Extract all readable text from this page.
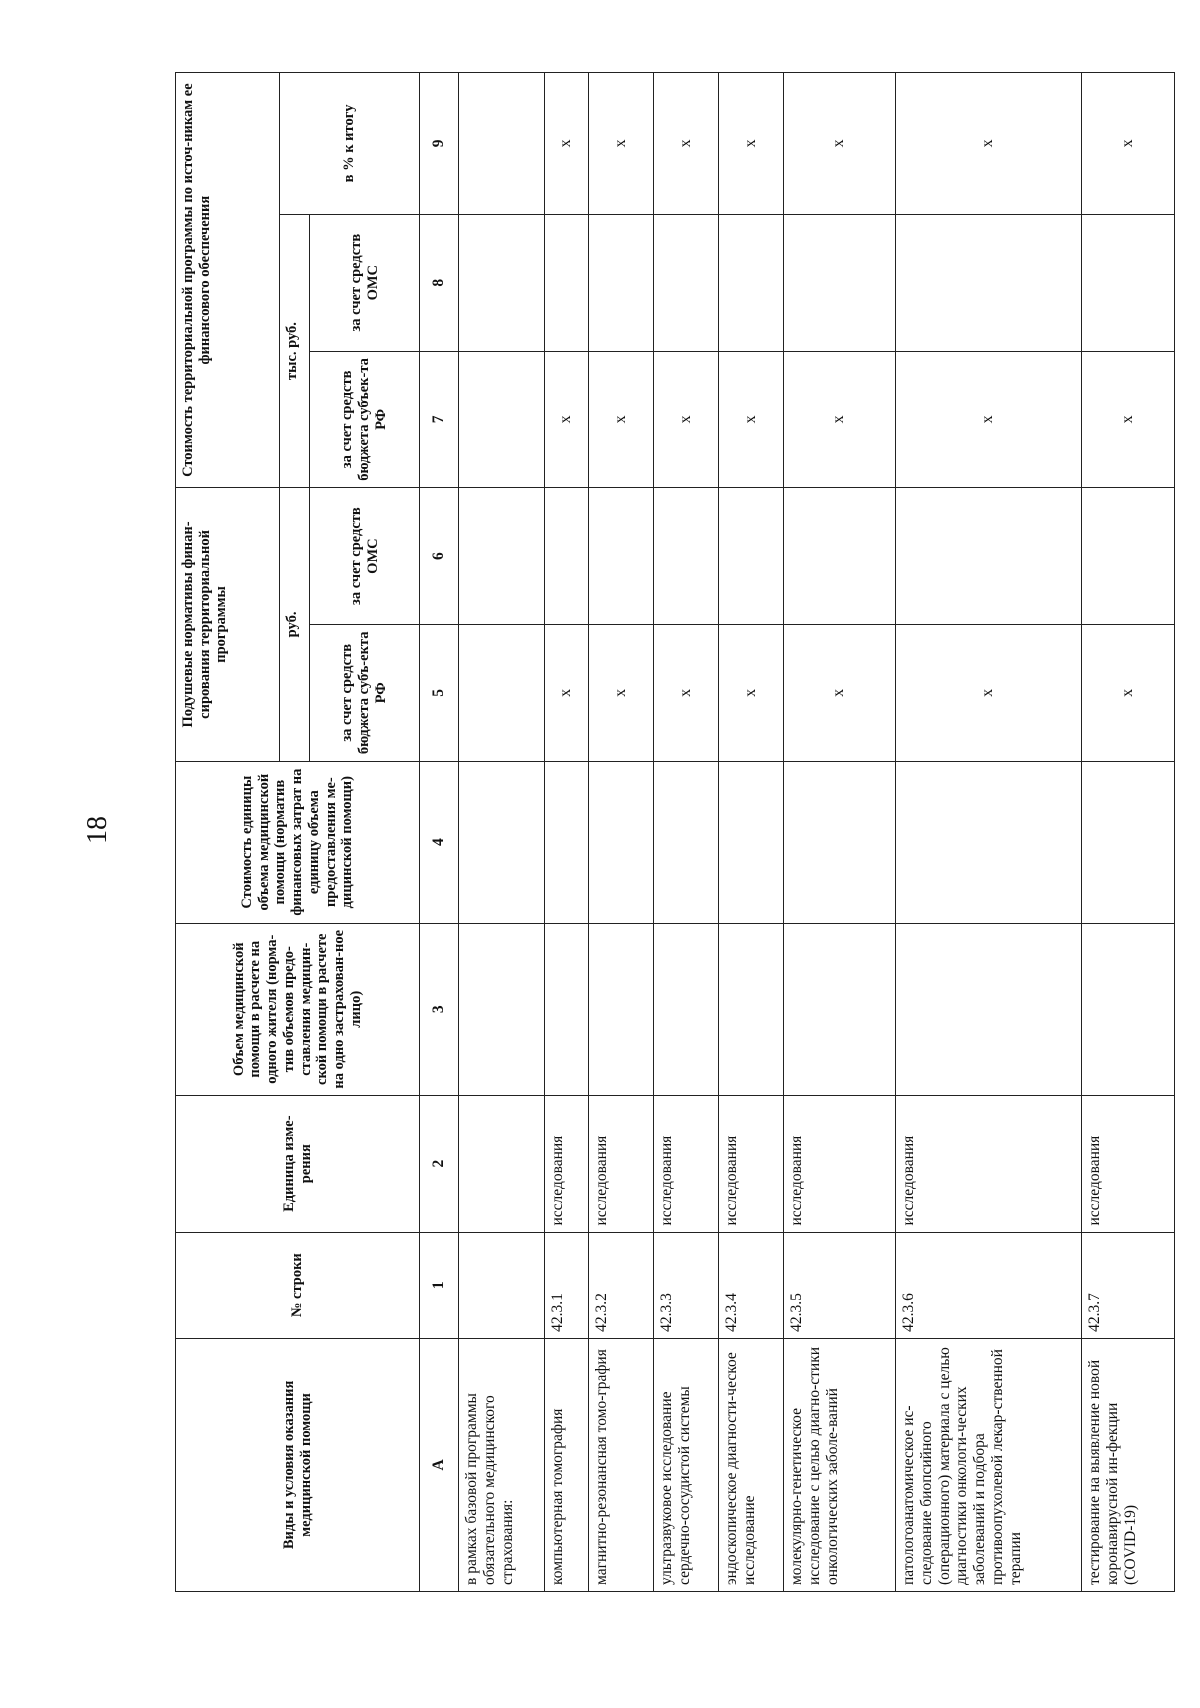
18
Виды и условия оказания медицинской помощи	№ строки	Единица изме-рения	Объем медицинской помощи в расчете на одного жителя (норма-тив объемов предо-ставления медицин-ской помощи в расчете на одно застрахован-ное лицо)	Стоимость единицы объема медицинской помощи (норматив финансовых затрат на единицу объема предоставления ме-дицинской помощи)	Подушевые нормативы финан-сирования территориальной программы		Стоимость территориальной программы по источ-никам ее финансового обеспечения		
					руб.		тыс. руб.		в % к итогу
					за счет средств бюджета субъ-екта РФ	за счет средств ОМС	за счет средств бюджета субъек-та РФ	за счет средств ОМС	
А	1	2	3	4	5	6	7	8	9
в рамках базовой программы обязательного медицинского страхования:									
компьютерная томография	42.3.1	исследования			х		х		х
магнитно-резонансная томо-графия	42.3.2	исследования			х		х		х
ультразвуковое исследование сердечно-сосудистой системы	42.3.3	исследования			х		х		х
эндоскопическое диагности-ческое исследование	42.3.4	исследования			х		х		х
молекулярно-генетическое исследование с целью диагно-стики онкологических заболе-ваний	42.3.5	исследования			х		х		х
патологоанатомическое ис-следование биопсийного (операционного) материала с целью диагностики онкологи-ческих заболеваний и подбора противоопухолевой лекар-ственной терапии	42.3.6	исследования			х		х		х
тестирование на выявление новой коронавирусной ин-фекции (COVID-19)	42.3.7	исследования			х		х		х
